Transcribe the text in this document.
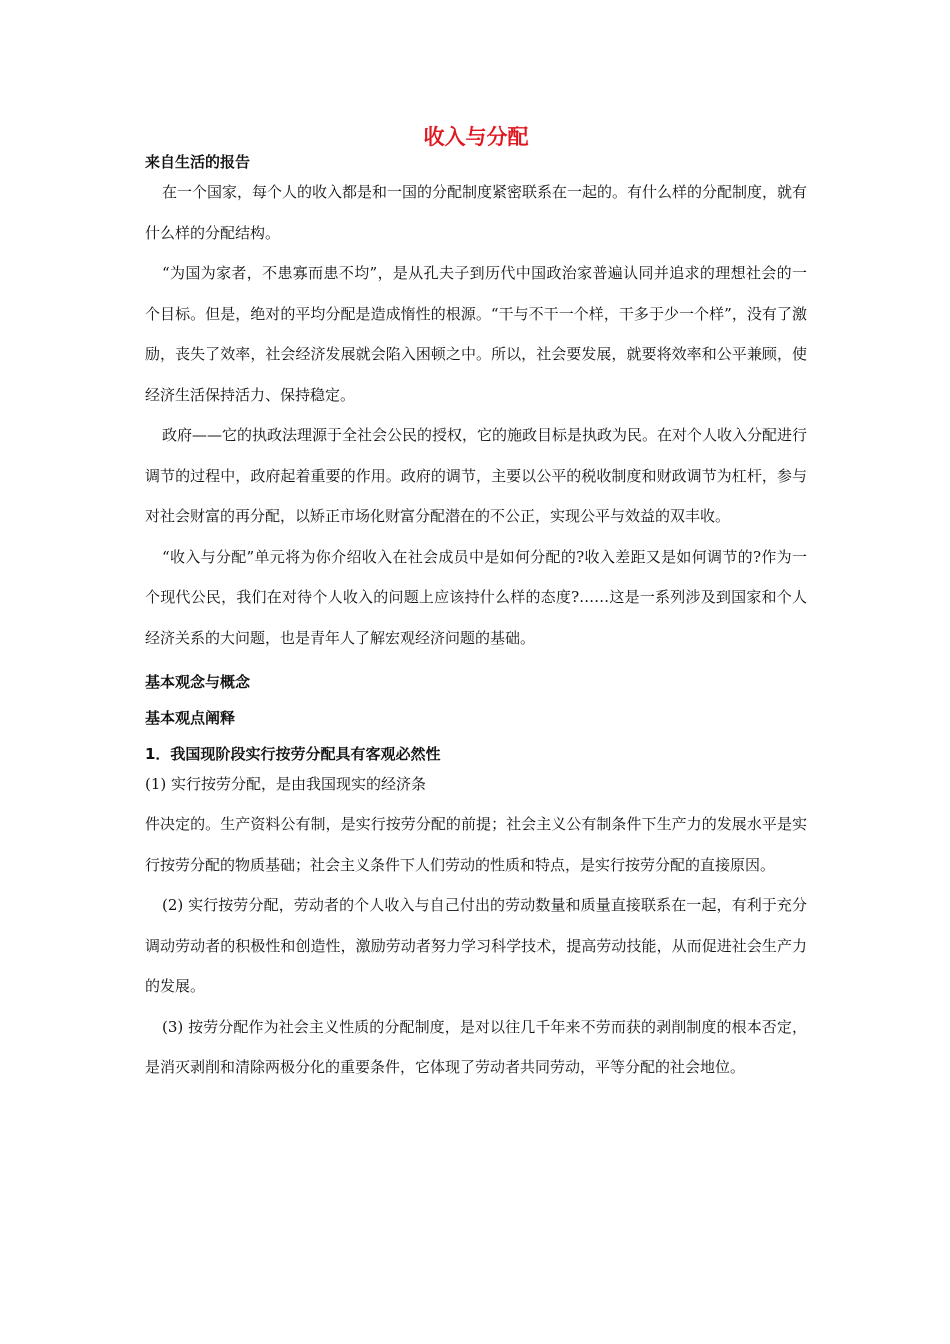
收入与分配

来自生活的报告

在一个国家，每个人的收入都是和一国的分配制度紧密联系在一起的。有什么样的分配制度，就有什么样的分配结构。

“为国为家者，不患寡而患不均”，是从孔夫子到历代中国政治家普遍认同并追求的理想社会的一个目标。但是，绝对的平均分配是造成惰性的根源。“干与不干一个样，干多于少一个样”，没有了激励，丧失了效率，社会经济发展就会陷入困顿之中。所以，社会要发展，就要将效率和公平兼顾，使经济生活保持活力、保持稳定。

政府——它的执政法理源于全社会公民的授权，它的施政目标是执政为民。在对个人收入分配进行调节的过程中，政府起着重要的作用。政府的调节，主要以公平的税收制度和财政调节为杠杆，参与对社会财富的再分配，以矫正市场化财富分配潜在的不公正，实现公平与效益的双丰收。

“收入与分配”单元将为你介绍收入在社会成员中是如何分配的?收入差距又是如何调节的?作为一个现代公民，我们在对待个人收入的问题上应该持什么样的态度?……这是一系列涉及到国家和个人经济关系的大问题，也是青年人了解宏观经济问题的基础。

基本观念与概念

基本观点阐释

1．我国现阶段实行按劳分配具有客观必然性

(1) 实行按劳分配，是由我国现实的经济条

件决定的。生产资料公有制，是实行按劳分配的前提；社会主义公有制条件下生产力的发展水平是实行按劳分配的物质基础；社会主义条件下人们劳动的性质和特点，是实行按劳分配的直接原因。

(2) 实行按劳分配，劳动者的个人收入与自己付出的劳动数量和质量直接联系在一起，有利于充分调动劳动者的积极性和创造性，激励劳动者努力学习科学技术，提高劳动技能，从而促进社会生产力的发展。

(3) 按劳分配作为社会主义性质的分配制度，是对以往几千年来不劳而获的剥削制度的根本否定，是消灭剥削和清除两极分化的重要条件，它体现了劳动者共同劳动，平等分配的社会地位。
